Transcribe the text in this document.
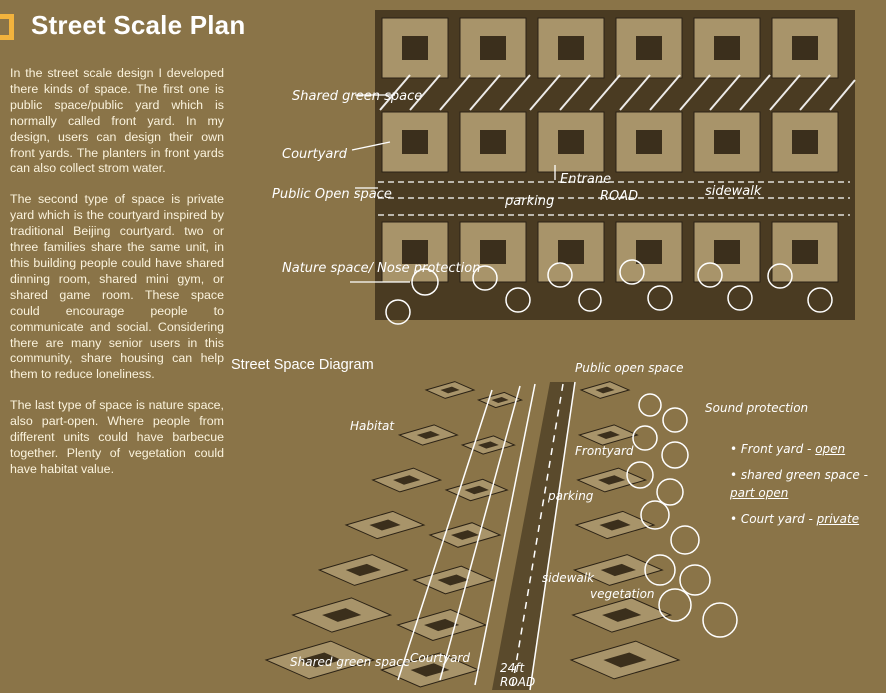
Street Scale Plan

In the street scale design I developed there kinds of space. The first one is public space/public yard which is normally called front yard. In my design, users can design their own front yards. The planters in front yards can also collect strom water.

The second type of space is private yard which is the courtyard inspired by traditional Beijing courtyard. two or three families share the same unit, in this building people could have shared dinning room, shared mini gym, or shared game room. These space could encourage people to communicate and social. Considering there are many senior users in this community, share housing can help them to reduce loneliness.

The last type of space is nature space, also part-open. Where people from different units could have barbecue together. Plenty of vegetation could have habitat value.

Shared green space
Courtyard
Public Open space
Nature space/ Nose protection
Entrane
ROAD
parking
sidewalk
Street Space Diagram
Habitat
Public open space
Sound protection
Frontyard
parking
sidewalk
vegetation
Shared green space Courtyard
24ft
ROAD
• Front yard - open
• shared green space - part open
• Court yard - private
